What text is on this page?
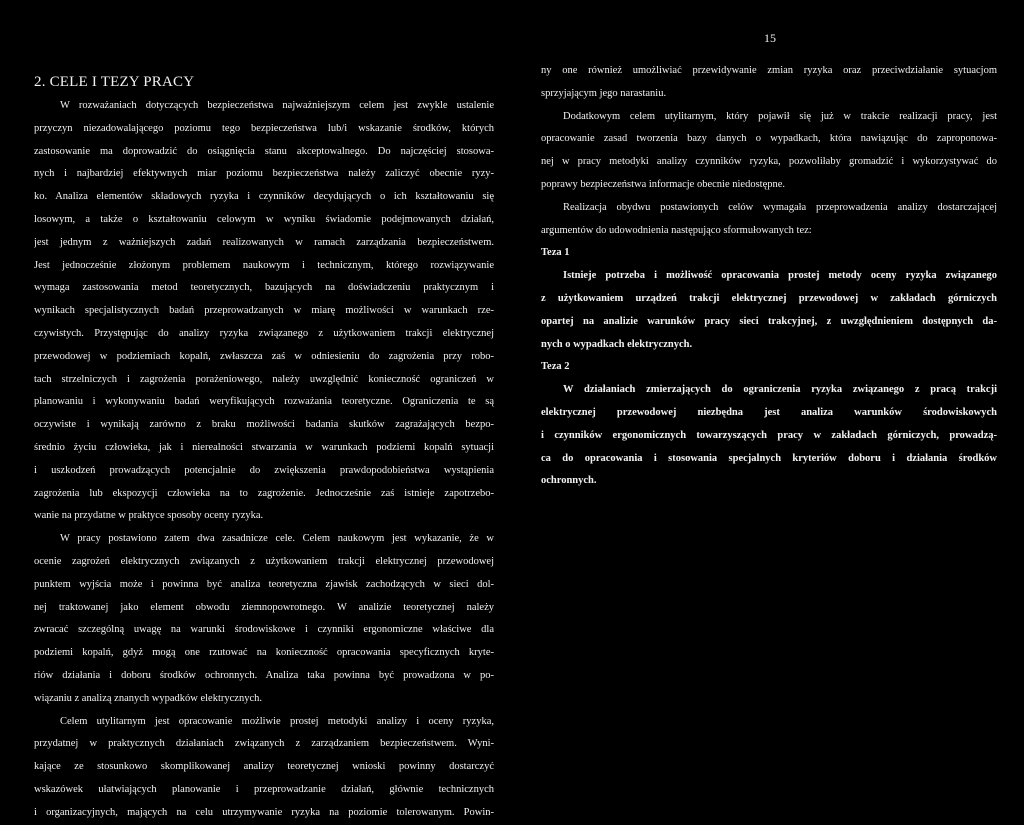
15
2. CELE I TEZY PRACY
W rozważaniach dotyczących bezpieczeństwa najważniejszym celem jest zwykle ustalenie
przyczyn niezadowalającego poziomu tego bezpieczeństwa lub/i wskazanie środków, których
zastosowanie ma doprowadzić do osiągnięcia stanu akceptowalnego. Do najczęściej stosowa-
nych i najbardziej efektywnych miar poziomu bezpieczeństwa należy zaliczyć obecnie ryzy-
ko. Analiza elementów składowych ryzyka i czynników decydujących o ich kształtowaniu się
losowym, a także o kształtowaniu celowym w wyniku świadomie podejmowanych działań,
jest jednym z ważniejszych zadań realizowanych w ramach zarządzania bezpieczeństwem.
Jest jednocześnie złożonym problemem naukowym i technicznym, którego rozwiązywanie
wymaga zastosowania metod teoretycznych, bazujących na doświadczeniu praktycznym i
wynikach specjalistycznych badań przeprowadzanych w miarę możliwości w warunkach rze-
czywistych. Przystępując do analizy ryzyka związanego z użytkowaniem trakcji elektrycznej
przewodowej w podziemiach kopalń, zwłaszcza zaś w odniesieniu do zagrożenia przy robo-
tach strzelniczych i zagrożenia porażeniowego, należy uwzględnić konieczność ograniczeń w
planowaniu i wykonywaniu badań weryfikujących rozważania teoretyczne. Ograniczenia te są
oczywiste i wynikają zarówno z braku możliwości badania skutków zagrażających bezpo-
średnio życiu człowieka, jak i nierealności stwarzania w warunkach podziemi kopalń sytuacji
i uszkodzeń prowadzących potencjalnie do zwiększenia prawdopodobieństwa wystąpienia
zagrożenia lub ekspozycji człowieka na to zagrożenie. Jednocześnie zaś istnieje zapotrzebo-
wanie na przydatne w praktyce sposoby oceny ryzyka.
W pracy postawiono zatem dwa zasadnicze cele. Celem naukowym jest wykazanie, że w
ocenie zagrożeń elektrycznych związanych z użytkowaniem trakcji elektrycznej przewodowej
punktem wyjścia może i powinna być analiza teoretyczna zjawisk zachodzących w sieci dol-
nej traktowanej jako element obwodu ziemnopowrotnego. W analizie teoretycznej należy
zwracać szczególną uwagę na warunki środowiskowe i czynniki ergonomiczne właściwe dla
podziemi kopalń, gdyż mogą one rzutować na konieczność opracowania specyficznych kryte-
riów działania i doboru środków ochronnych. Analiza taka powinna być prowadzona w po-
wiązaniu z analizą znanych wypadków elektrycznych.
Celem utylitarnym jest opracowanie możliwie prostej metodyki analizy i oceny ryzyka,
przydatnej w praktycznych działaniach związanych z zarządzaniem bezpieczeństwem. Wyni-
kające ze stosunkowo skomplikowanej analizy teoretycznej wnioski powinny dostarczyć
wskazówek ułatwiających planowanie i przeprowadzanie działań, głównie technicznych
i organizacyjnych, mających na celu utrzymywanie ryzyka na poziomie tolerowanym. Powin-
ny one również umożliwiać przewidywanie zmian ryzyka oraz przeciwdziałanie sytuacjom
sprzyjającym jego narastaniu.
Dodatkowym celem utylitarnym, który pojawił się już w trakcie realizacji pracy, jest
opracowanie zasad tworzenia bazy danych o wypadkach, która nawiązując do zaproponowa-
nej w pracy metodyki analizy czynników ryzyka, pozwoliłaby gromadzić i wykorzystywać do
poprawy bezpieczeństwa informacje obecnie niedostępne.
Realizacja obydwu postawionych celów wymagała przeprowadzenia analizy dostarczającej
argumentów do udowodnienia następująco sformułowanych tez:
Teza 1
Istnieje potrzeba i możliwość opracowania prostej metody oceny ryzyka związanego
z użytkowaniem urządzeń trakcji elektrycznej przewodowej w zakładach górniczych
opartej na analizie warunków pracy sieci trakcyjnej, z uwzględnieniem dostępnych da-
nych o wypadkach elektrycznych.
Teza 2
W działaniach zmierzających do ograniczenia ryzyka związanego z pracą trakcji
elektrycznej przewodowej niezbędna jest analiza warunków środowiskowych
i czynników ergonomicznych towarzyszących pracy w zakładach górniczych, prowadzą-
ca do opracowania i stosowania specjalnych kryteriów doboru i działania środków
ochronnych.
